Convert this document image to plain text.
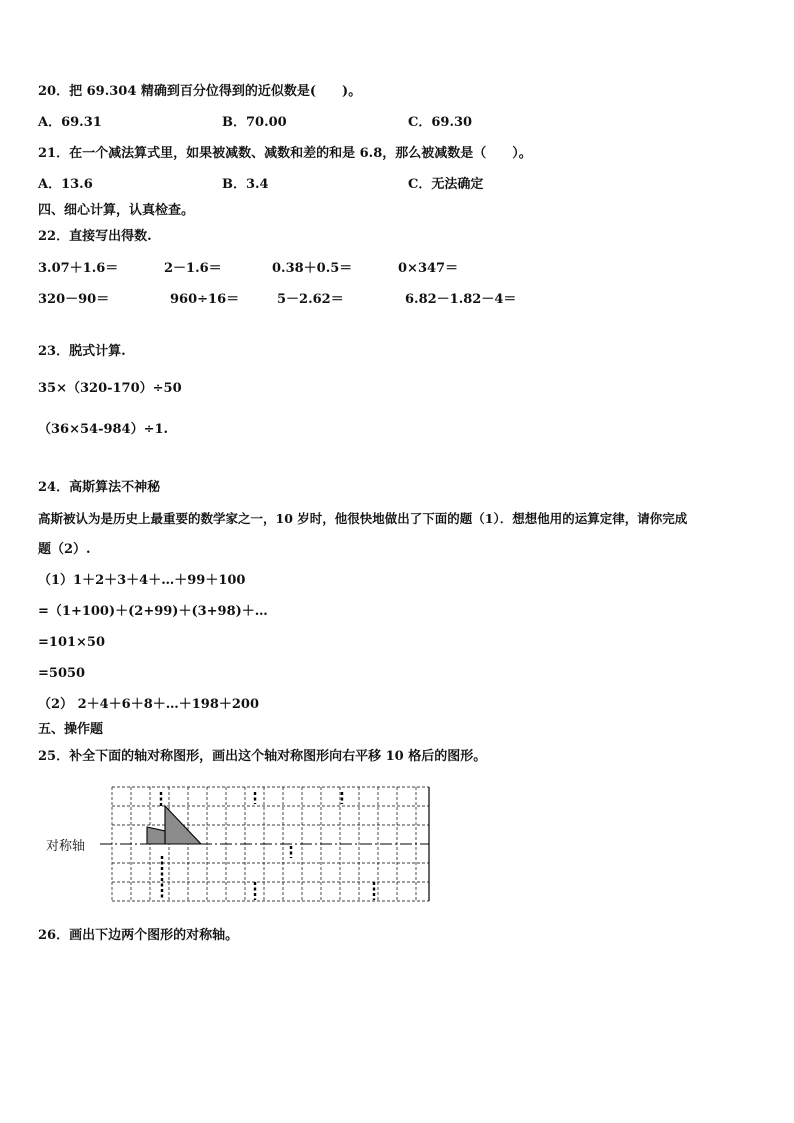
20．把 69.304 精确到百分位得到的近似数是(　　)。
A．69.31	B．70.00	C．69.30
21．在一个减法算式里，如果被减数、减数和差的和是 6.8，那么被减数是（　　）。
A．13.6	B．3.4	C．无法确定
四、细心计算，认真检查。
22．直接写出得数.
3.07＋1.6＝	2－1.6＝	0.38＋0.5＝	0×347＝
320－90＝	960÷16＝	5－2.62＝	6.82－1.82－4＝
23．脱式计算.
35×（320-170）÷50
（36×54-984）÷1.
24．高斯算法不神秘
高斯被认为是历史上最重要的数学家之一，10 岁时，他很快地做出了下面的题（1）．想想他用的运算定律，请你完成
题（2）.
（1）1＋2＋3＋4＋…＋99＋100
=（1+100)＋(2+99)＋(3+98)＋…
=101×50
=5050
（2） 2＋4＋6＋8＋…＋198＋200
五、操作题
25．补全下面的轴对称图形，画出这个轴对称图形向右平移 10 格后的图形。
对称轴
26．画出下边两个图形的对称轴。
